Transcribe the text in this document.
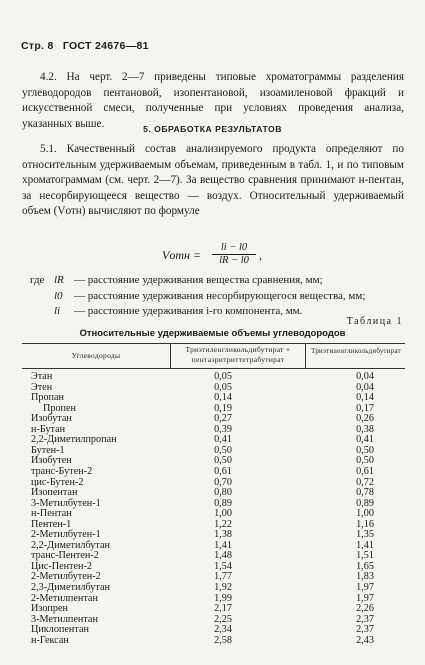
Стр. 8 ГОСТ 24676—81
4.2. На черт. 2—7 приведены типовые хроматограммы разделения углеводородов пентановой, изопентановой, изоамиленовой фракций и искусственной смеси, полученные при условиях проведения анализа, указанных выше.	5. ОБРАБОТКА РЕЗУЛЬТАТОВ
5.1. Качественный состав анализируемого продукта определяют по относительным удерживаемым объемам, приведенным в табл. 1, и по типовым хроматограммам (см. черт. 2—7). За вещество сравнения принимают н-пентан, за несорбирующееся вещество — воздух. Относительный удерживаемый объем (Vотн) вычисляют по формуле
Vотн = $\frac{li - l0}{lR - l0}$ ,
где lR — расстояние удерживания вещества сравнения, мм;
l0 — расстояние удерживания несорбирующегося вещества, мм;
li — расстояние удерживания i-го компонента, мм.
Таблица 1
Относительные удерживаемые объемы углеводородов
Углеводороды
Триэтиленгликольдибутират + пентаэритриттетрабутират
Триэтиленгликольдибутират
Этан	0,05	0,04
Этен	0,05	0,04
Пропан	0,14	0,14
Пропен	0,19	0,17
Изобутан	0,27	0,26
н-Бутан	0,39	0,38
2,2-Диметилпропан	0,41	0,41
Бутен-1	0,50	0,50
Изобутен	0,50	0,50
транс-Бутен-2	0,61	0,61
цис-Бутен-2	0,70	0,72
Изопентан	0,80	0,78
3-Метилбутен-1	0,89	0,89
н-Пентан	1,00	1,00
Пентен-1	1,22	1,16
2-Метилбутен-1	1,38	1,35
2,2-Диметилбутан	1,41	1,41
транс-Пентен-2	1,48	1,51
Цис-Пентен-2	1,54	1,65
2-Метилбутен-2	1,77	1,83
2,3-Диметилбутан	1,92	1,97
2-Метилпентан	1,99	1,97
Изопрен	2,17	2,26
3-Метилпентан	2,25	2,37
Циклопентан	2,34	2,37
н-Гексан	2,58	2,43
